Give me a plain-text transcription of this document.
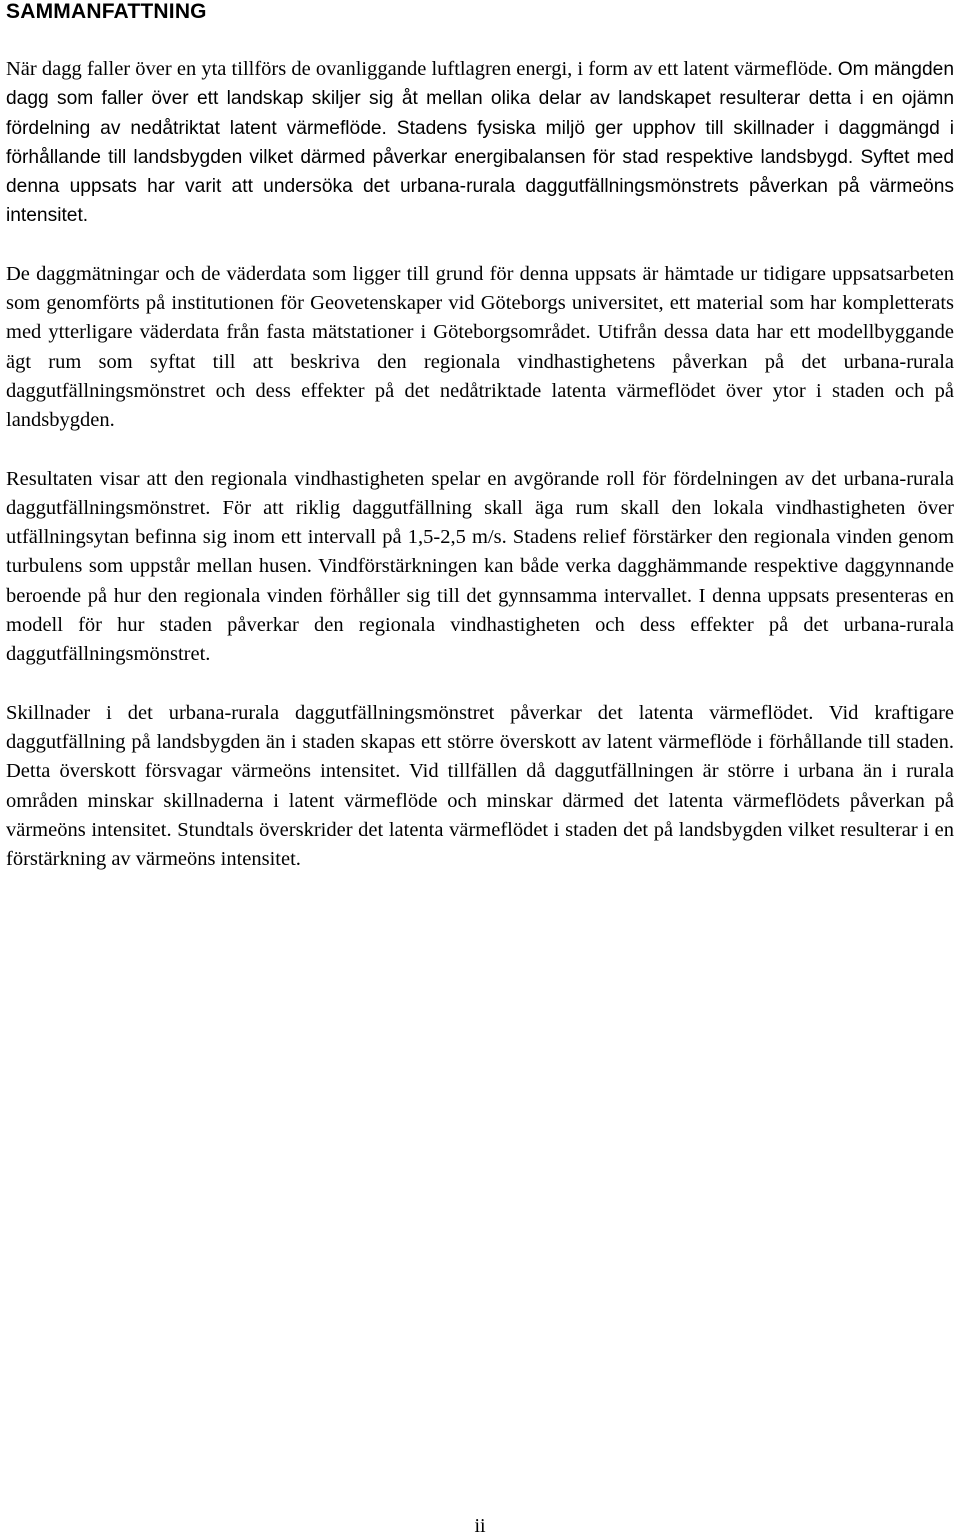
SAMMANFATTNING

När dagg faller över en yta tillförs de ovanliggande luftlagren energi, i form av ett latent värmeflöde. Om mängden dagg som faller över ett landskap skiljer sig åt mellan olika delar av landskapet resulterar detta i en ojämn fördelning av nedåtriktat latent värmeflöde. Stadens fysiska miljö ger upphov till skillnader i daggmängd i förhållande till landsbygden vilket därmed påverkar energibalansen för stad respektive landsbygd. Syftet med denna uppsats har varit att undersöka det urbana-rurala daggutfällningsmönstrets påverkan på värmeöns intensitet.

De daggmätningar och de väderdata som ligger till grund för denna uppsats är hämtade ur tidigare uppsatsarbeten som genomförts på institutionen för Geovetenskaper vid Göteborgs universitet, ett material som har kompletterats med ytterligare väderdata från fasta mätstationer i Göteborgsområdet. Utifrån dessa data har ett modellbyggande ägt rum som syftat till att beskriva den regionala vindhastighetens påverkan på det urbana-rurala daggutfällningsmönstret och dess effekter på det nedåtriktade latenta värmeflödet över ytor i staden och på landsbygden.

Resultaten visar att den regionala vindhastigheten spelar en avgörande roll för fördelningen av det urbana-rurala daggutfällningsmönstret. För att riklig daggutfällning skall äga rum skall den lokala vindhastigheten över utfällningsytan befinna sig inom ett intervall på 1,5-2,5 m/s. Stadens relief förstärker den regionala vinden genom turbulens som uppstår mellan husen. Vindförstärkningen kan både verka dagghämmande respektive daggynnande beroende på hur den regionala vinden förhåller sig till det gynnsamma intervallet. I denna uppsats presenteras en modell för hur staden påverkar den regionala vindhastigheten och dess effekter på det urbana-rurala daggutfällningsmönstret.

Skillnader i det urbana-rurala daggutfällningsmönstret påverkar det latenta värmeflödet. Vid kraftigare daggutfällning på landsbygden än i staden skapas ett större överskott av latent värmeflöde i förhållande till staden. Detta överskott försvagar värmeöns intensitet. Vid tillfällen då daggutfällningen är större i urbana än i rurala områden minskar skillnaderna i latent värmeflöde och minskar därmed det latenta värmeflödets påverkan på värmeöns intensitet. Stundtals överskrider det latenta värmeflödet i staden det på landsbygden vilket resulterar i en förstärkning av värmeöns intensitet.

ii
